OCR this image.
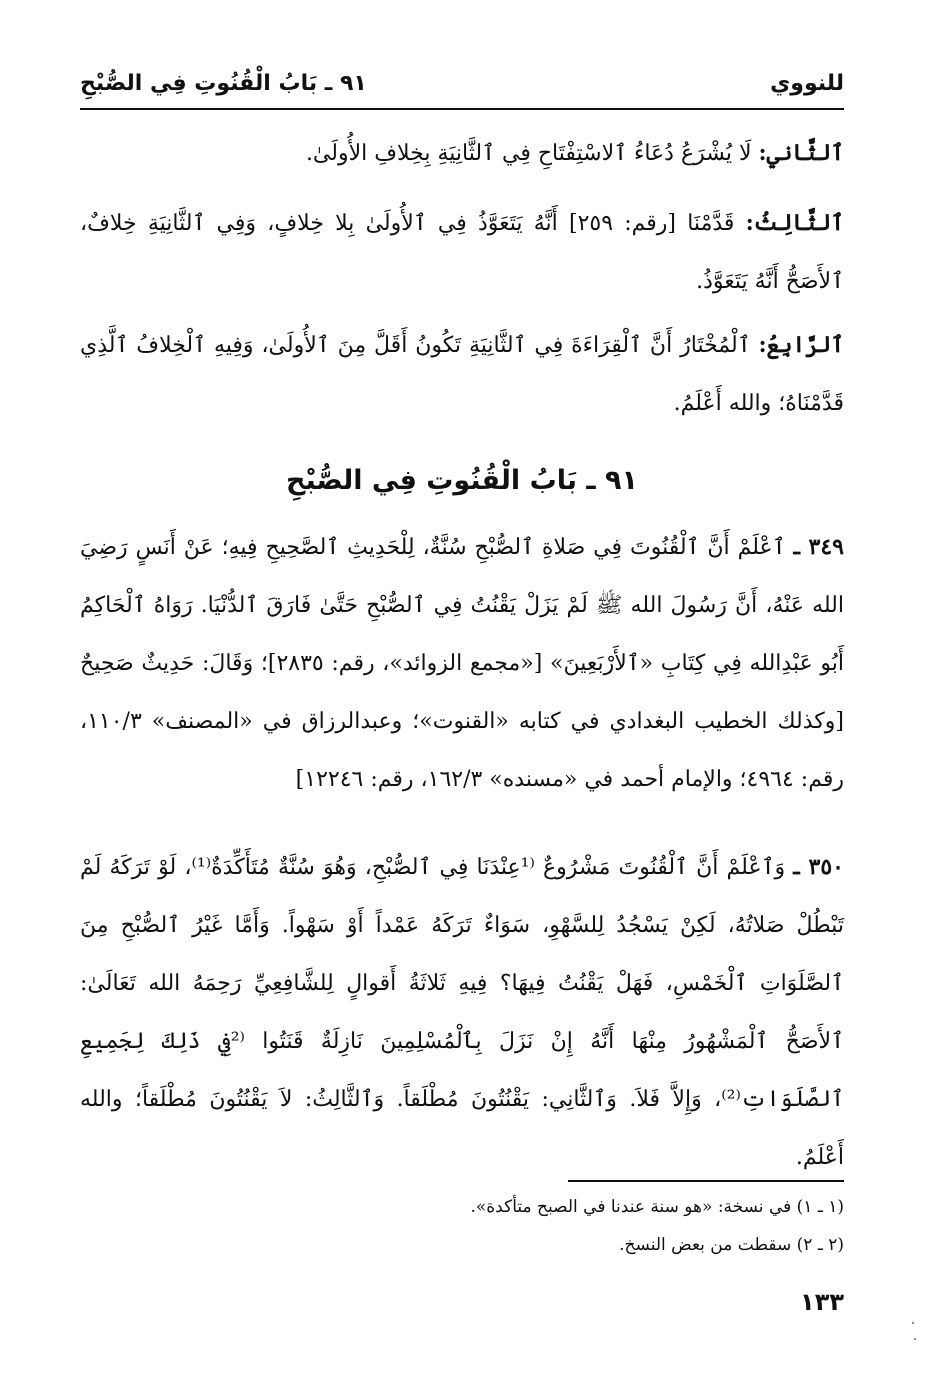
للنووي
٩١ ـ بَابُ الْقُنُوتِ فِي الصُّبْحِ

ٱلثَّاني: لَا يُشْرَعُ دُعَاءُ ٱلاسْتِفْتَاحِ فِي ٱلثَّانِيَةِ بِخِلافِ الأُولَىٰ.

ٱلثَّالِثُ: قَدَّمْنَا [رقم: ٢٥٩] أَنَّهُ يَتَعَوَّذُ فِي ٱلأُولَىٰ بِلا خِلافٍ، وَفِي ٱلثَّانِيَةِ خِلافٌ، ٱلأَصَحُّ أَنَّهُ يَتَعَوَّذُ.

ٱلرَّابِعُ: ٱلْمُخْتَارُ أَنَّ ٱلْقِرَاءَةَ فِي ٱلثَّانِيَةِ تَكُونُ أَقَلَّ مِنَ ٱلأُولَىٰ، وَفِيهِ ٱلْخِلافُ ٱلَّذِي قَدَّمْنَاهُ؛ والله أَعْلَمُ.

٩١ ـ بَابُ الْقُنُوتِ فِي الصُّبْحِ

٣٤٩ ـ ٱعْلَمْ أَنَّ ٱلْقُنُوتَ فِي صَلاةِ ٱلصُّبْحِ سُنَّةٌ، لِلْحَدِيثِ ٱلصَّحِيحِ فِيهِ؛ عَنْ أَنَسٍ رَضِيَ الله عَنْهُ، أَنَّ رَسُولَ الله ﷺ لَمْ يَزَلْ يَقْنُتُ فِي ٱلصُّبْحِ حَتَّىٰ فَارَقَ ٱلدُّنْيَا. رَوَاهُ ٱلْحَاكِمُ أَبُو عَبْدِالله فِي كِتَابِ «ٱلأَرْبَعِينَ» [«مجمع الزوائد»، رقم: ٢٨٣٥]؛ وَقَالَ: حَدِيثٌ صَحِيحٌ [وكذلك الخطيب البغدادي في كتابه «القنوت»؛ وعبدالرزاق في «المصنف» ١١٠/٣، رقم: ٤٩٦٤؛ والإمام أحمد في «مسنده» ١٦٢/٣، رقم: ١٢٢٤٦]

٣٥٠ ـ وَٱعْلَمْ أَنَّ ٱلْقُنُوتَ مَشْرُوعٌ ⁽¹عِنْدَنَا فِي ٱلصُّبْحِ، وَهُوَ سُنَّةٌ مُتَأَكِّدَةٌ⁽¹⁾، لَوْ تَرَكَهُ لَمْ تَبْطُلْ صَلاتُهُ، لَكِنْ يَسْجُدُ لِلسَّهْوِ، سَوَاءٌ تَرَكَهُ عَمْداً أَوْ سَهْواً. وَأَمَّا غَيْرُ ٱلصُّبْحِ مِنَ ٱلصَّلَوَاتِ ٱلْخَمْسِ، فَهَلْ يَقْنُتُ فِيهَا؟ فِيهِ ثَلاثَةُ أَقوالٍ لِلشَّافِعِيِّ رَحِمَهُ الله تَعَالَىٰ: ٱلأَصَحُّ ٱلْمَشْهُورُ مِنْهَا أَنَّهُ إِنْ نَزَلَ بِٱلْمُسْلِمِينَ نَازِلَةٌ قَنَتُوا ⁽²فِي ذَلِكَ لِجَمِيعِ ٱلصَّلَوَاتِ⁽²⁾، وَإِلاَّ فَلاَ. وَٱلثَّانِي: يَقْنُتُونَ مُطْلَقاً. وَٱلثَّالِثُ: لاَ يَقْنُتُونَ مُطْلَقاً؛ والله أَعْلَمُ.

(١ ـ ١) في نسخة: «هو سنة عندنا في الصبح متأكدة».
(٢ ـ ٢) سقطت من بعض النسخ.
١٣٣
